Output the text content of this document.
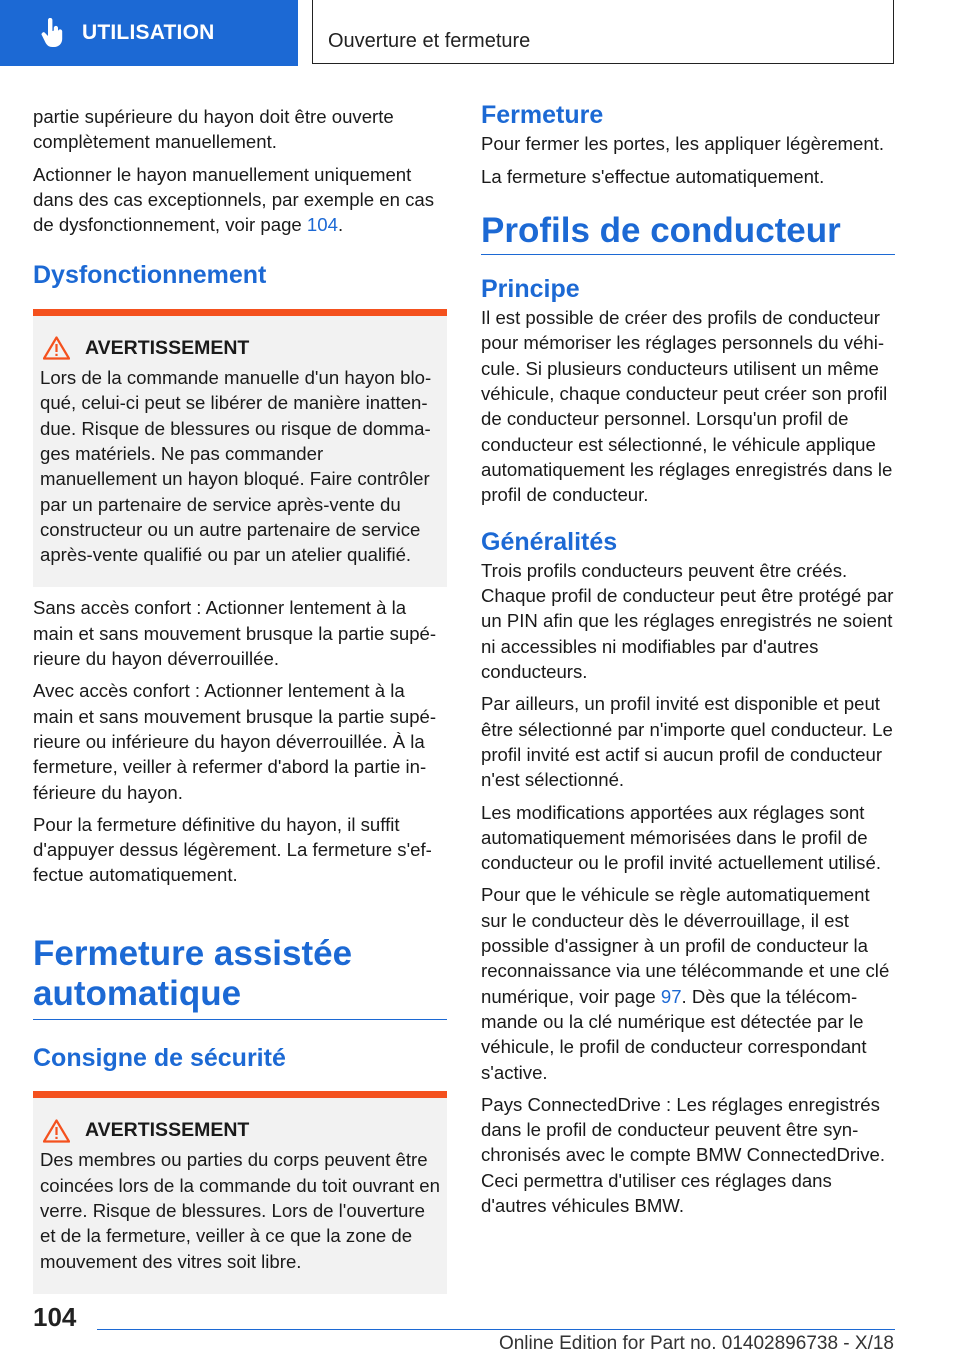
UTILISATION	Ouverture et fermeture

partie supérieure du hayon doit être ouverte complètement manuellement.

Actionner le hayon manuellement uniquement dans des cas exceptionnels, par exemple en cas de dysfonctionnement, voir page 104.

Dysfonctionnement
AVERTISSEMENT

Lors de la commande manuelle d'un hayon bloqué, celui-ci peut se libérer de manière inattendue. Risque de blessures ou risque de dommages matériels. Ne pas commander manuellement un hayon bloqué. Faire contrôler par un partenaire de service après-vente du constructeur ou un autre partenaire de service après-vente qualifié ou par un atelier qualifié.

Sans accès confort : Actionner lentement à la main et sans mouvement brusque la partie supérieure du hayon déverrouillée.

Avec accès confort : Actionner lentement à la main et sans mouvement brusque la partie supérieure ou inférieure du hayon déverrouillée. À la fermeture, veiller à refermer d'abord la partie inférieure du hayon.

Pour la fermeture définitive du hayon, il suffit d'appuyer dessus légèrement. La fermeture s'effectue automatiquement.

Fermeture assistée
automatique
Consigne de sécurité
AVERTISSEMENT

Des membres ou parties du corps peuvent être coincées lors de la commande du toit ouvrant en verre. Risque de blessures. Lors de l'ouverture et de la fermeture, veiller à ce que la zone de mouvement des vitres soit libre.

Fermeture

Pour fermer les portes, les appliquer légèrement.

La fermeture s'effectue automatiquement.

Profils de conducteur
Principe

Il est possible de créer des profils de conducteur pour mémoriser les réglages personnels du véhicule. Si plusieurs conducteurs utilisent un même véhicule, chaque conducteur peut créer son profil de conducteur personnel. Lorsqu'un profil de conducteur est sélectionné, le véhicule applique automatiquement les réglages enregistrés dans le profil de conducteur.

Généralités

Trois profils conducteurs peuvent être créés. Chaque profil de conducteur peut être protégé par un PIN afin que les réglages enregistrés ne soient ni accessibles ni modifiables par d'autres conducteurs.

Par ailleurs, un profil invité est disponible et peut être sélectionné par n'importe quel conducteur. Le profil invité est actif si aucun profil de conducteur n'est sélectionné.

Les modifications apportées aux réglages sont automatiquement mémorisées dans le profil de conducteur ou le profil invité actuellement utilisé.

Pour que le véhicule se règle automatiquement sur le conducteur dès le déverrouillage, il est possible d'assigner à un profil de conducteur la reconnaissance via une télécommande et une clé numérique, voir page 97. Dès que la télécommande ou la clé numérique est détectée par le véhicule, le profil de conducteur correspondant s'active.

Pays ConnectedDrive : Les réglages enregistrés dans le profil de conducteur peuvent être synchronisés avec le compte BMW ConnectedDrive. Ceci permettra d'utiliser ces réglages dans d'autres véhicules BMW.

104
Online Edition for Part no. 01402896738 - X/18
